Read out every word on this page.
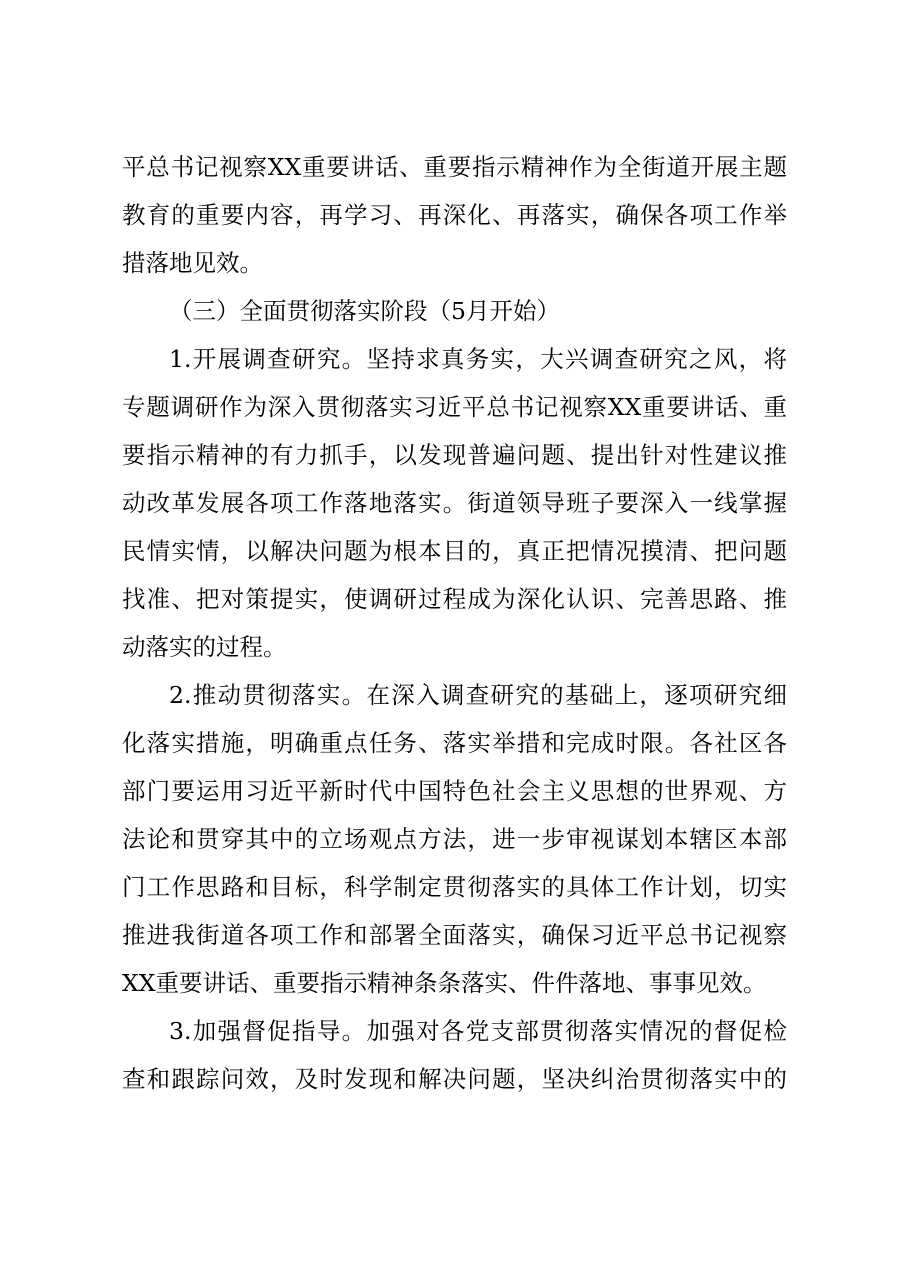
平总书记视察XX重要讲话、重要指示精神作为全街道开展主题
教育的重要内容，再学习、再深化、再落实，确保各项工作举
措落地见效。
（三）全面贯彻落实阶段（5月开始）
1.开展调查研究。坚持求真务实，大兴调查研究之风，将
专题调研作为深入贯彻落实习近平总书记视察XX重要讲话、重
要指示精神的有力抓手，以发现普遍问题、提出针对性建议推
动改革发展各项工作落地落实。街道领导班子要深入一线掌握
民情实情，以解决问题为根本目的，真正把情况摸清、把问题
找准、把对策提实，使调研过程成为深化认识、完善思路、推
动落实的过程。
2.推动贯彻落实。在深入调查研究的基础上，逐项研究细
化落实措施，明确重点任务、落实举措和完成时限。各社区各
部门要运用习近平新时代中国特色社会主义思想的世界观、方
法论和贯穿其中的立场观点方法，进一步审视谋划本辖区本部
门工作思路和目标，科学制定贯彻落实的具体工作计划，切实
推进我街道各项工作和部署全面落实，确保习近平总书记视察
XX重要讲话、重要指示精神条条落实、件件落地、事事见效。
3.加强督促指导。加强对各党支部贯彻落实情况的督促检
查和跟踪问效，及时发现和解决问题，坚决纠治贯彻落实中的
